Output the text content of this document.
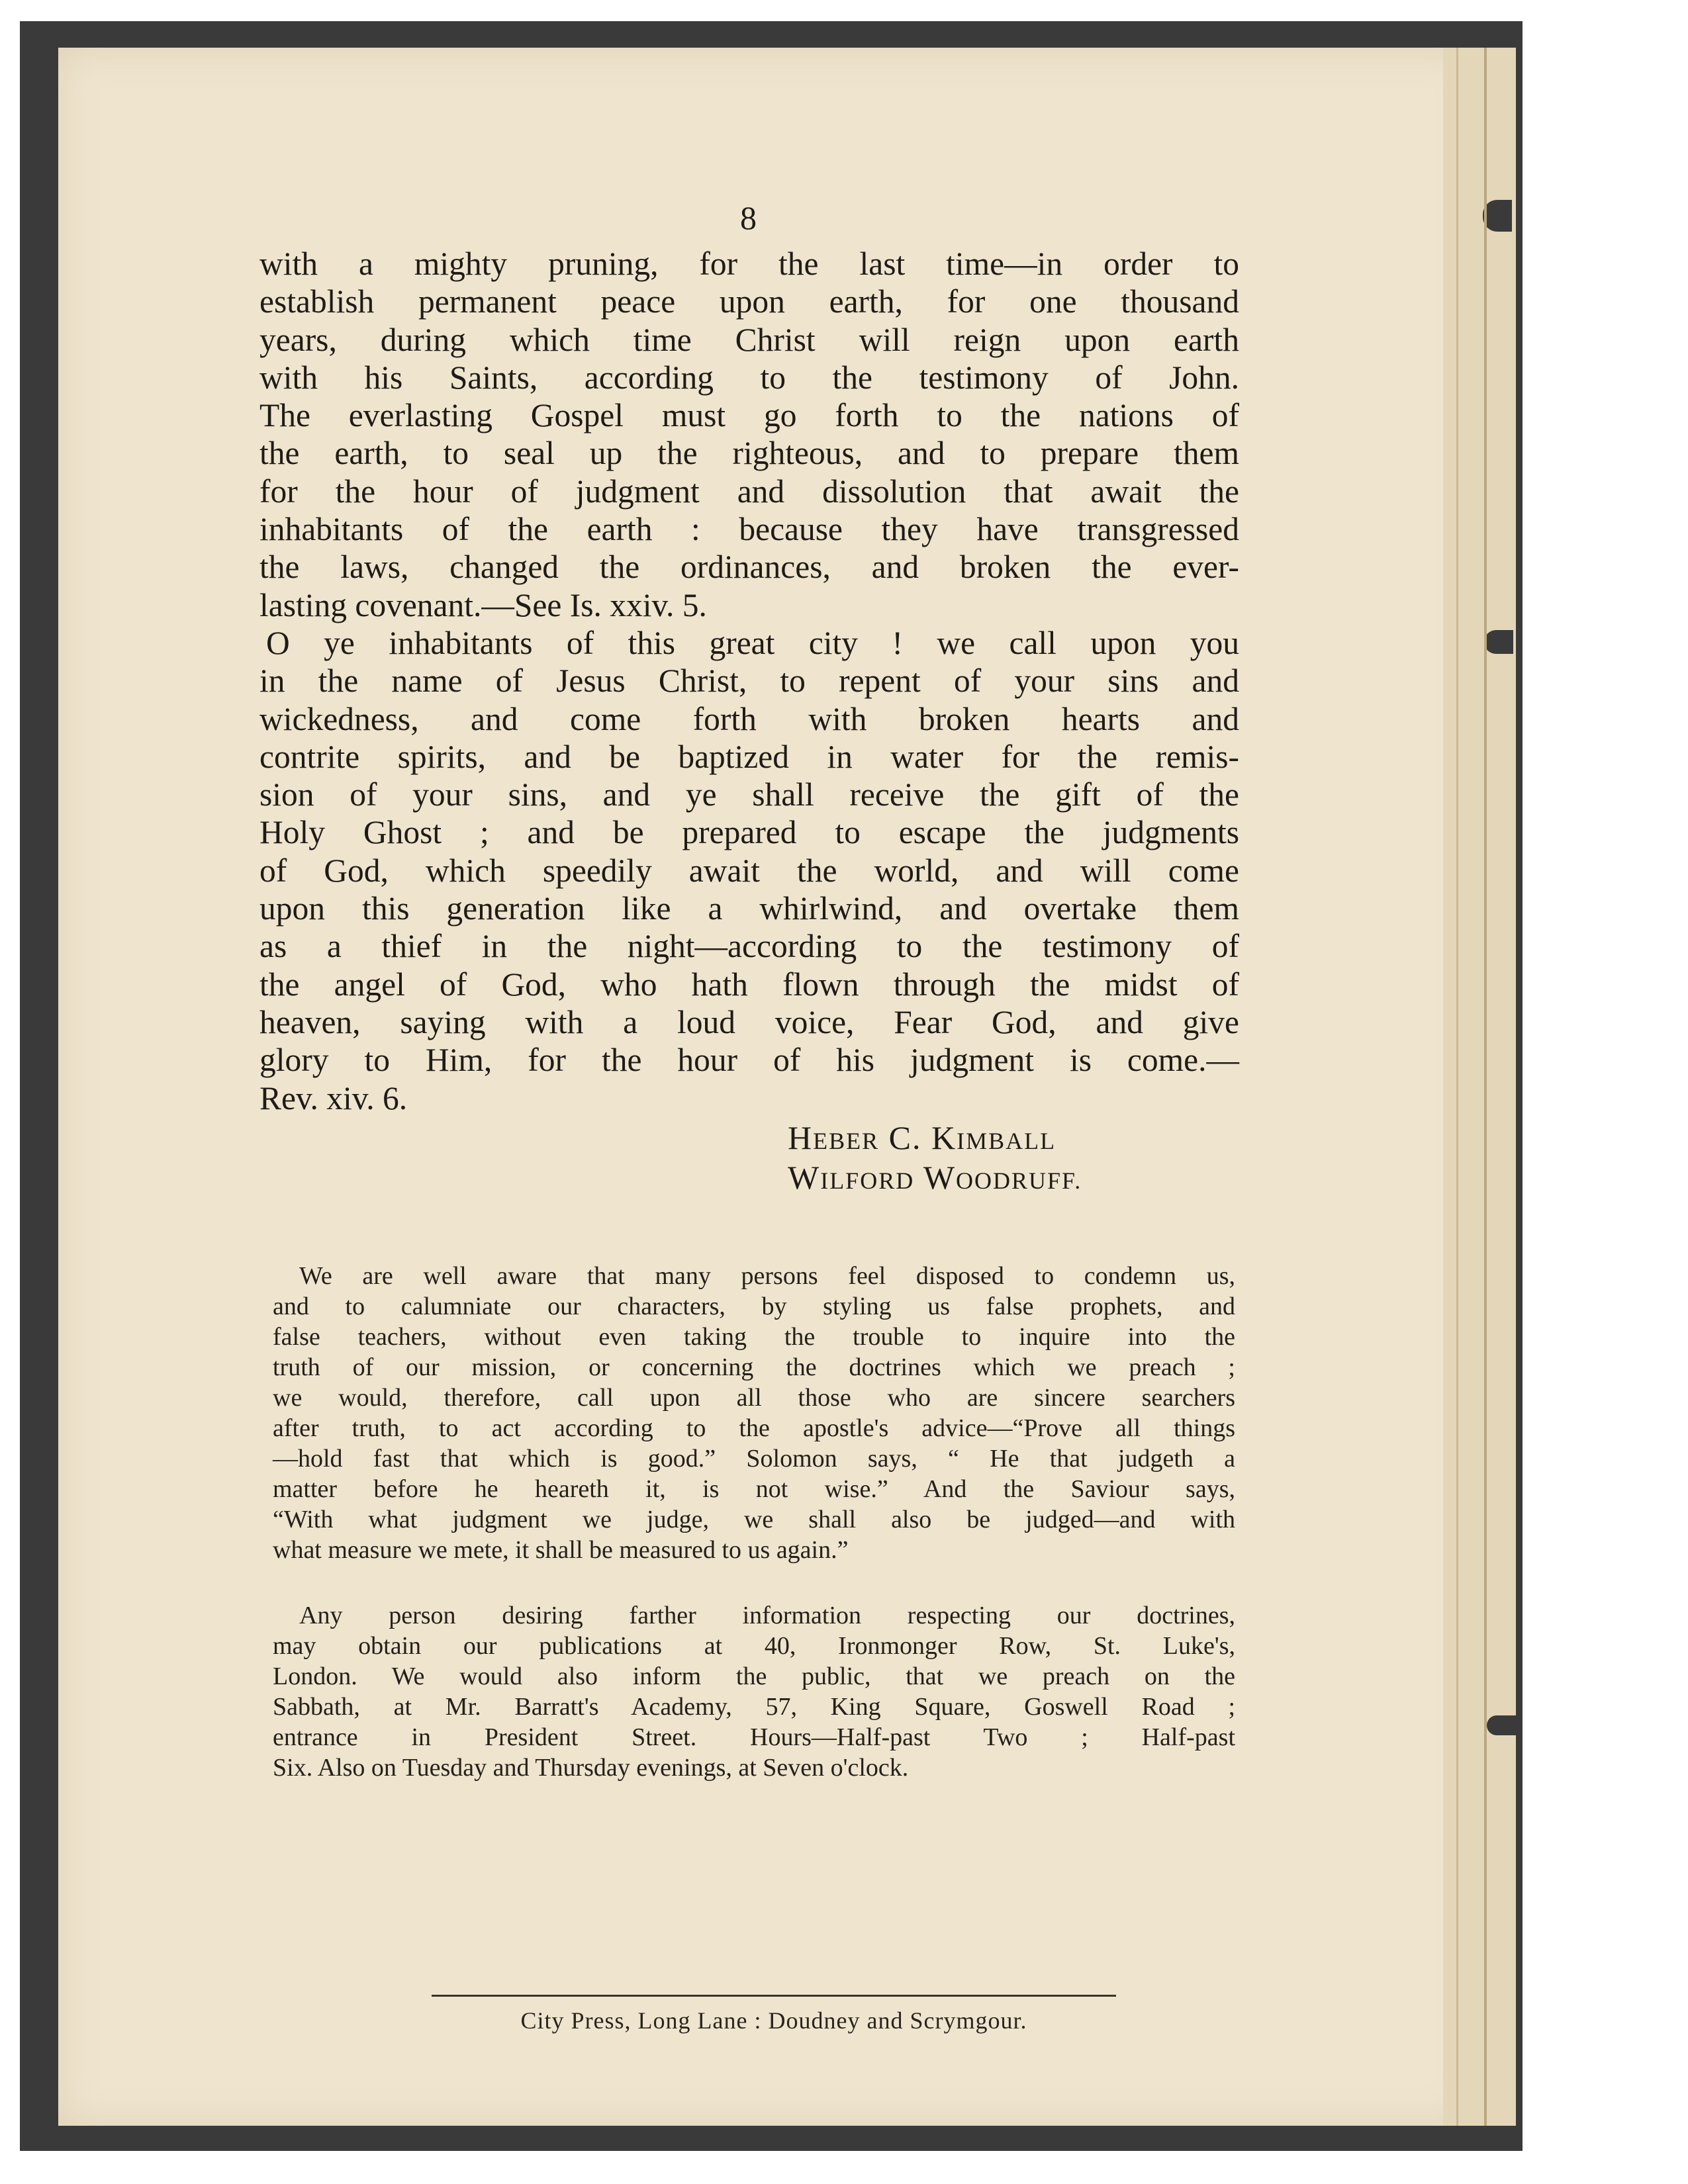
8
with a mighty pruning, for the last time—in order to
establish permanent peace upon earth, for one thousand
years, during which time Christ will reign upon earth
with his Saints, according to the testimony of John.
The everlasting Gospel must go forth to the nations of
the earth, to seal up the righteous, and to prepare them
for the hour of judgment and dissolution that await the
inhabitants of the earth : because they have transgressed
the laws, changed the ordinances, and broken the ever-
lasting covenant.—See Is. xxiv. 5.
O ye inhabitants of this great city ! we call upon you
in the name of Jesus Christ, to repent of your sins and
wickedness, and come forth with broken hearts and
contrite spirits, and be baptized in water for the remis-
sion of your sins, and ye shall receive the gift of the
Holy Ghost ; and be prepared to escape the judgments
of God, which speedily await the world, and will come
upon this generation like a whirlwind, and overtake them
as a thief in the night—according to the testimony of
the angel of God, who hath flown through the midst of
heaven, saying with a loud voice, Fear God, and give
glory to Him, for the hour of his judgment is come.—
Rev. xiv. 6.
HEBER C. KIMBALL
WILFORD WOODRUFF.
We are well aware that many persons feel disposed to condemn us,
and to calumniate our characters, by styling us false prophets, and
false teachers, without even taking the trouble to inquire into the
truth of our mission, or concerning the doctrines which we preach ;
we would, therefore, call upon all those who are sincere searchers
after truth, to act according to the apostle's advice—“Prove all things
—hold fast that which is good.” Solomon says, “ He that judgeth a
matter before he heareth it, is not wise.” And the Saviour says,
“With what judgment we judge, we shall also be judged—and with
what measure we mete, it shall be measured to us again.”
Any person desiring farther information respecting our doctrines,
may obtain our publications at 40, Ironmonger Row, St. Luke's,
London. We would also inform the public, that we preach on the
Sabbath, at Mr. Barratt's Academy, 57, King Square, Goswell Road ;
entrance in President Street. Hours—Half-past Two ; Half-past
Six. Also on Tuesday and Thursday evenings, at Seven o'clock.
City Press, Long Lane : Doudney and Scrymgour.
